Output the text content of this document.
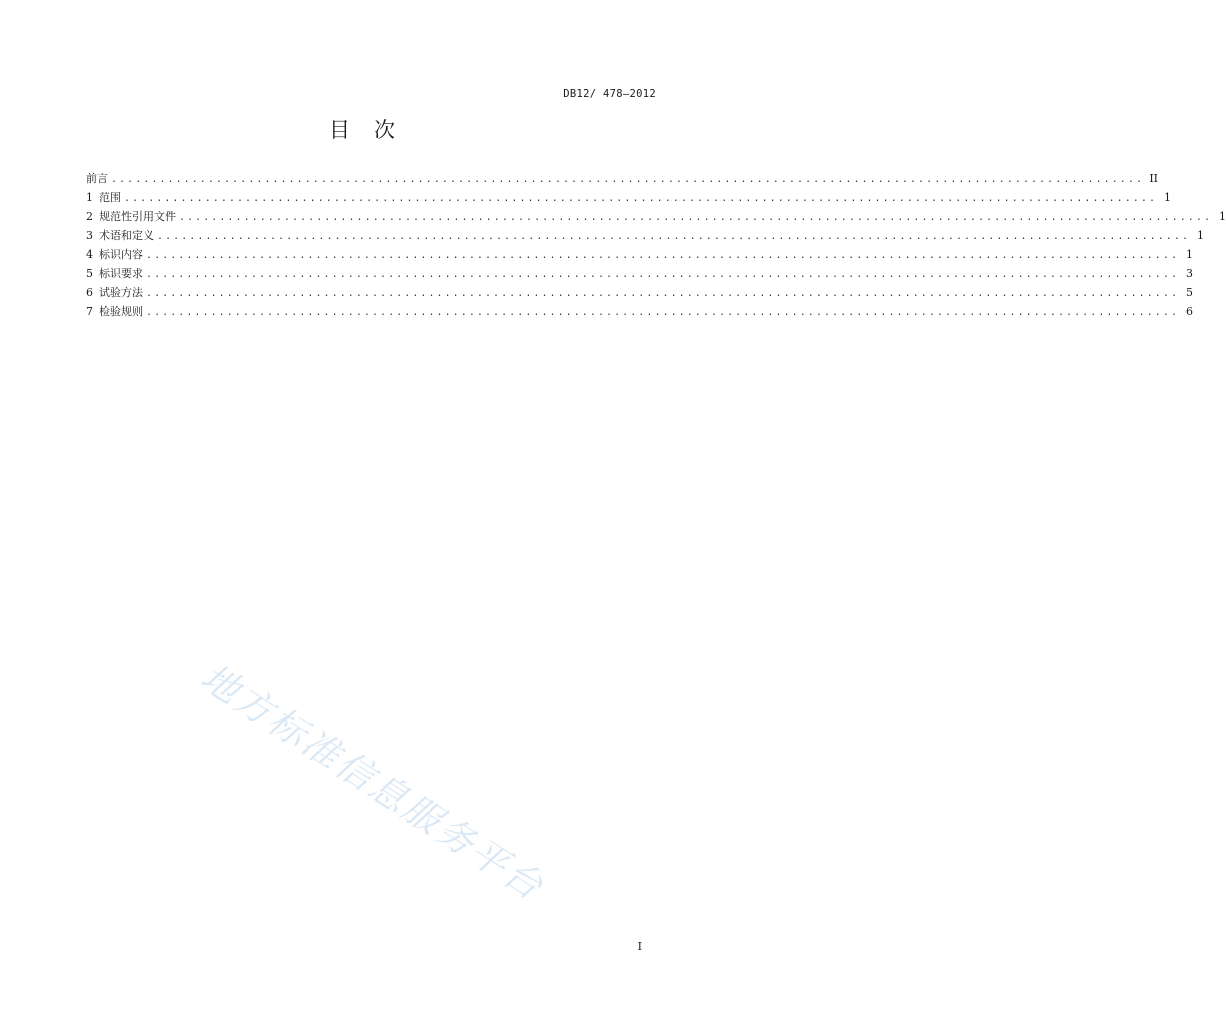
DB12/ 478—2012
目 次
前言 ................................................................................................................................ II
1 范围 ................................................................................................................................ 1
2 规范性引用文件 ................................................................................................................................ 1
3 术语和定义 ................................................................................................................................ 1
4 标识内容 ................................................................................................................................ 1
5 标识要求 ................................................................................................................................ 3
6 试验方法 ................................................................................................................................ 5
7 检验规则 ................................................................................................................................ 6
地方标准信息服务平台
I
